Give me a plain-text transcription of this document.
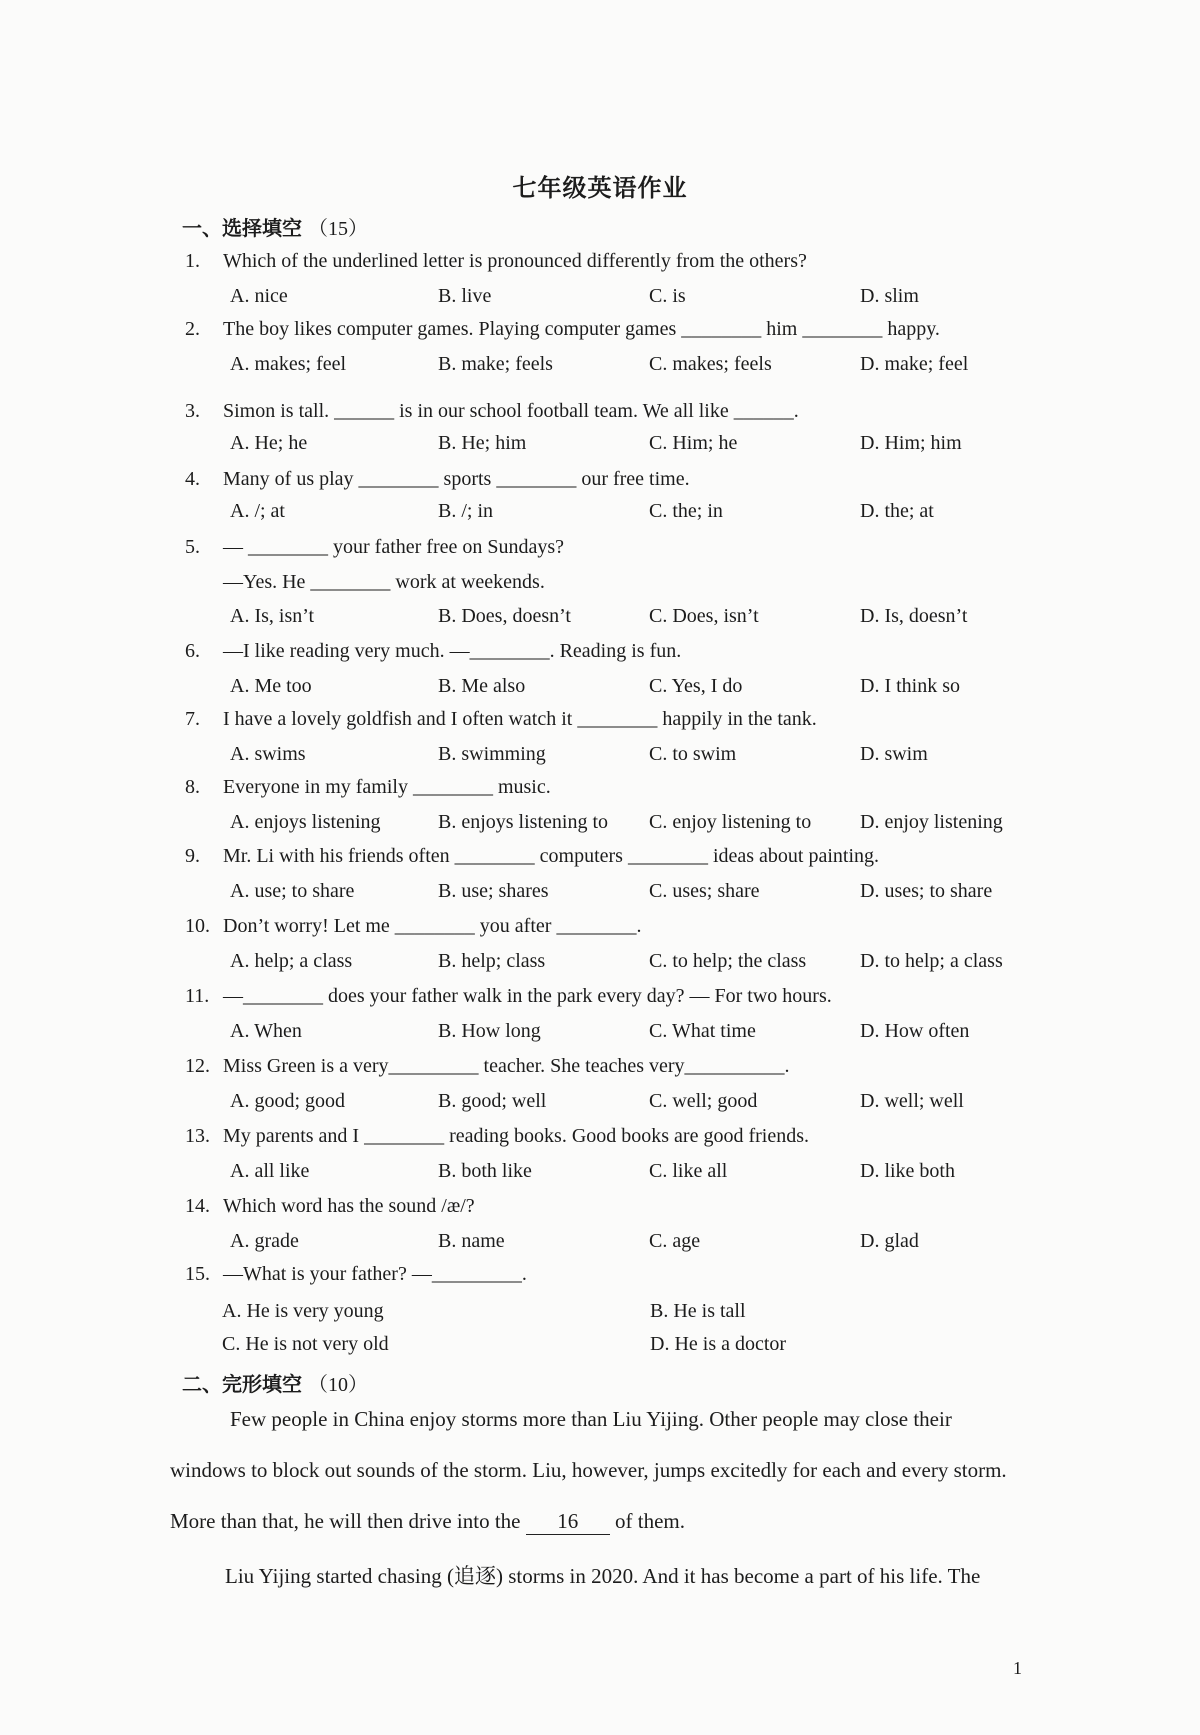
七年级英语作业
一、选择填空 （15）
1.	Which of the underlined letter is pronounced differently from the others?
A. nice	B. live	C. is	D. slim
2.	The boy likes computer games. Playing computer games ________ him ________ happy.
A. makes; feel	B. make; feels	C. makes; feels	D. make; feel
3.	Simon is tall. ______ is in our school football team. We all like ______.
A. He; he	B. He; him	C. Him; he	D. Him; him
4.	Many of us play ________ sports ________ our free time.
A. /; at	B. /; in	C. the; in	D. the; at
5.	— ________ your father free on Sundays?
—Yes. He ________ work at weekends.
A. Is, isn’t	B. Does, doesn’t	C. Does, isn’t	D. Is, doesn’t
6.	—I like reading very much. —________. Reading is fun.
A. Me too	B. Me also	C. Yes, I do	D. I think so
7.	I have a lovely goldfish and I often watch it ________ happily in the tank.
A. swims	B. swimming	C. to swim	D. swim
8.	Everyone in my family ________ music.
A. enjoys listening	B. enjoys listening to C. enjoy listening to D. enjoy listening
9.	Mr. Li with his friends often ________ computers ________ ideas about painting.
A. use; to share	B. use; shares	C. uses; share	D. uses; to share
10. Don’t worry! Let me ________ you after ________.
A. help; a class	B. help; class	C. to help; the class	D. to help; a class
11. —________ does your father walk in the park every day? — For two hours.
A. When	B. How long	C. What time	D. How often
12. Miss Green is a very_________ teacher. She teaches very__________.
A. good; good	B. good; well	C. well; good	D. well; well
13. My parents and I ________ reading books. Good books are good friends.
A. all like	B. both like	C. like all	D. like both
14. Which word has the sound /æ/?
A. grade	B. name	C. age	D. glad
15. —What is your father? —_________.
A. He is very young	B. He is tall
C. He is not very old	D. He is a doctor
二、完形填空 （10）
Few people in China enjoy storms more than Liu Yijing. Other people may close their
windows to block out sounds of the storm. Liu, however, jumps excitedly for each and every storm.
More than that, he will then drive into the 16 of them.
Liu Yijing started chasing (追逐) storms in 2020. And it has become a part of his life. The
1
